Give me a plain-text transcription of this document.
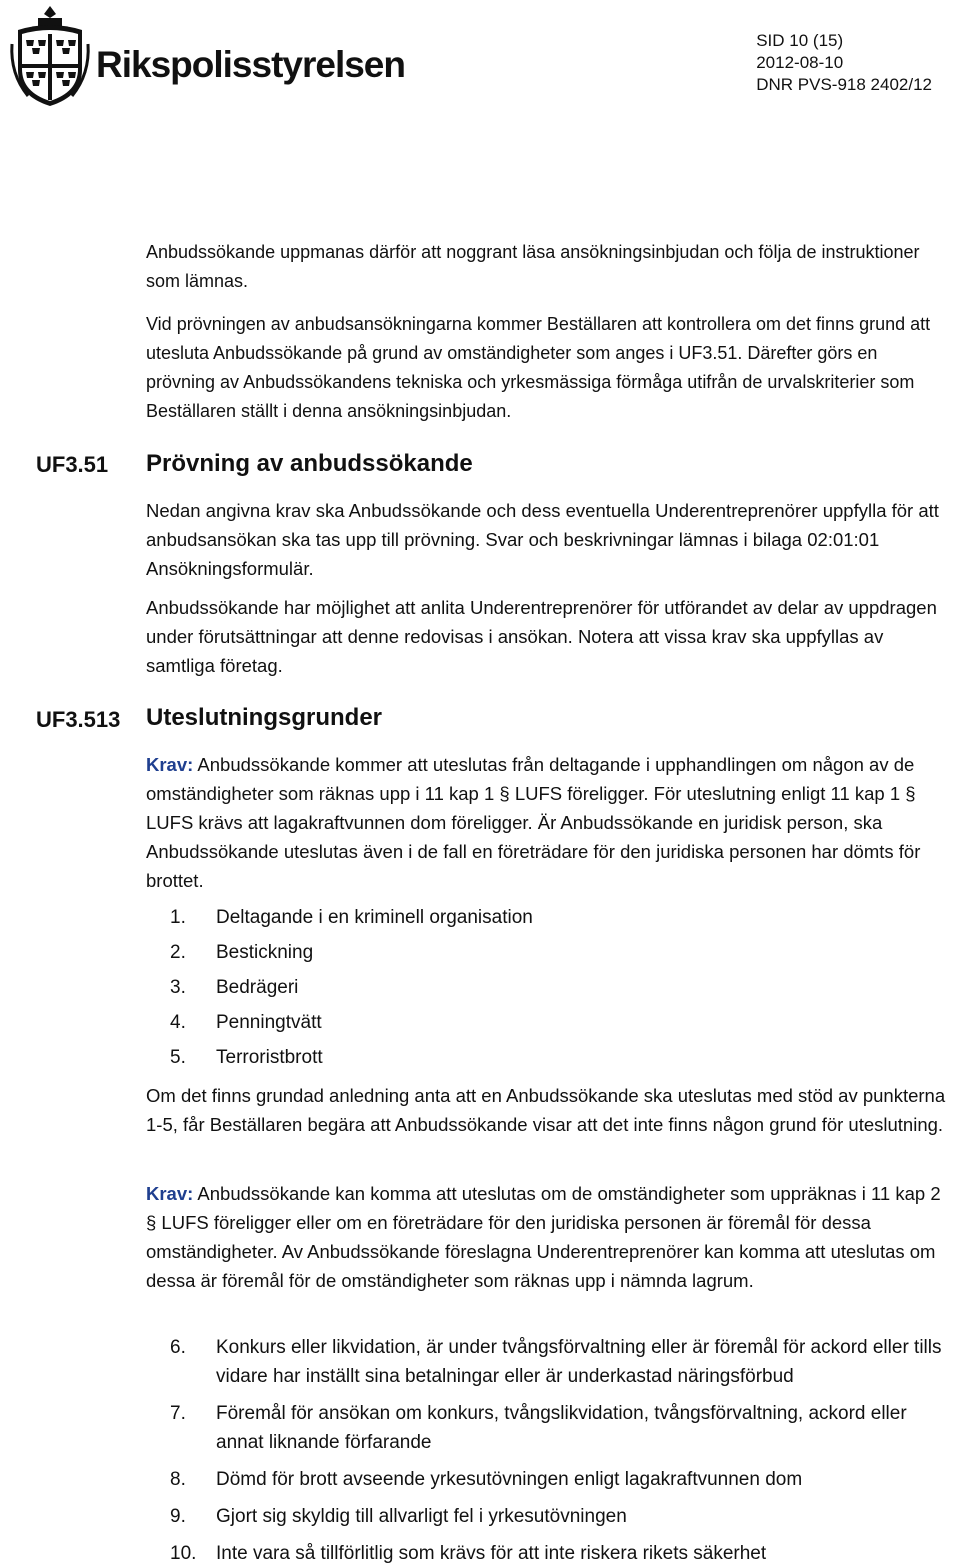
Rikspolisstyrelsen
SID 10 (15)
2012-08-10
DNR PVS-918 2402/12

Anbudssökande uppmanas därför att noggrant läsa ansökningsinbjudan och följa de instruktioner som lämnas.

Vid prövningen av anbudsansökningarna kommer Beställaren att kontrollera om det finns grund att utesluta Anbudssökande på grund av omständigheter som anges i UF3.51. Därefter görs en prövning av Anbudssökandens tekniska och yrkesmässiga förmåga utifrån de urvalskriterier som Beställaren ställt i denna ansökningsinbjudan.

UF3.51 Prövning av anbudssökande

Nedan angivna krav ska Anbudssökande och dess eventuella Underentreprenörer uppfylla för att anbudsansökan ska tas upp till prövning. Svar och beskrivningar lämnas i bilaga 02:01:01 Ansökningsformulär.

Anbudssökande har möjlighet att anlita Underentreprenörer för utförandet av delar av uppdragen under förutsättningar att denne redovisas i ansökan. Notera att vissa krav ska uppfyllas av samtliga företag.

UF3.513 Uteslutningsgrunder

Krav: Anbudssökande kommer att uteslutas från deltagande i upphandlingen om någon av de omständigheter som räknas upp i 11 kap 1 § LUFS föreligger. För uteslutning enligt 11 kap 1 § LUFS krävs att lagakraftvunnen dom föreligger. Är Anbudssökande en juridisk person, ska Anbudssökande uteslutas även i de fall en företrädare för den juridiska personen har dömts för brottet.

1.	Deltagande i en kriminell organisation
2.	Bestickning
3.	Bedrägeri
4.	Penningtvätt
5.	Terroristbrott

Om det finns grundad anledning anta att en Anbudssökande ska uteslutas med stöd av punkterna 1-5, får Beställaren begära att Anbudssökande visar att det inte finns någon grund för uteslutning.

Krav: Anbudssökande kan komma att uteslutas om de omständigheter som uppräknas i 11 kap 2 § LUFS föreligger eller om en företrädare för den juridiska personen är föremål för dessa omständigheter. Av Anbudssökande föreslagna Underentreprenörer kan komma att uteslutas om dessa är föremål för de omständigheter som räknas upp i nämnda lagrum.

6.	Konkurs eller likvidation, är under tvångsförvaltning eller är föremål för ackord eller tills vidare har inställt sina betalningar eller är underkastad näringsförbud
7.	Föremål för ansökan om konkurs, tvångslikvidation, tvångsförvaltning, ackord eller annat liknande förfarande
8.	Dömd för brott avseende yrkesutövningen enligt lagakraftvunnen dom
9.	Gjort sig skyldig till allvarligt fel i yrkesutövningen
10.	Inte vara så tillförlitlig som krävs för att inte riskera rikets säkerhet
